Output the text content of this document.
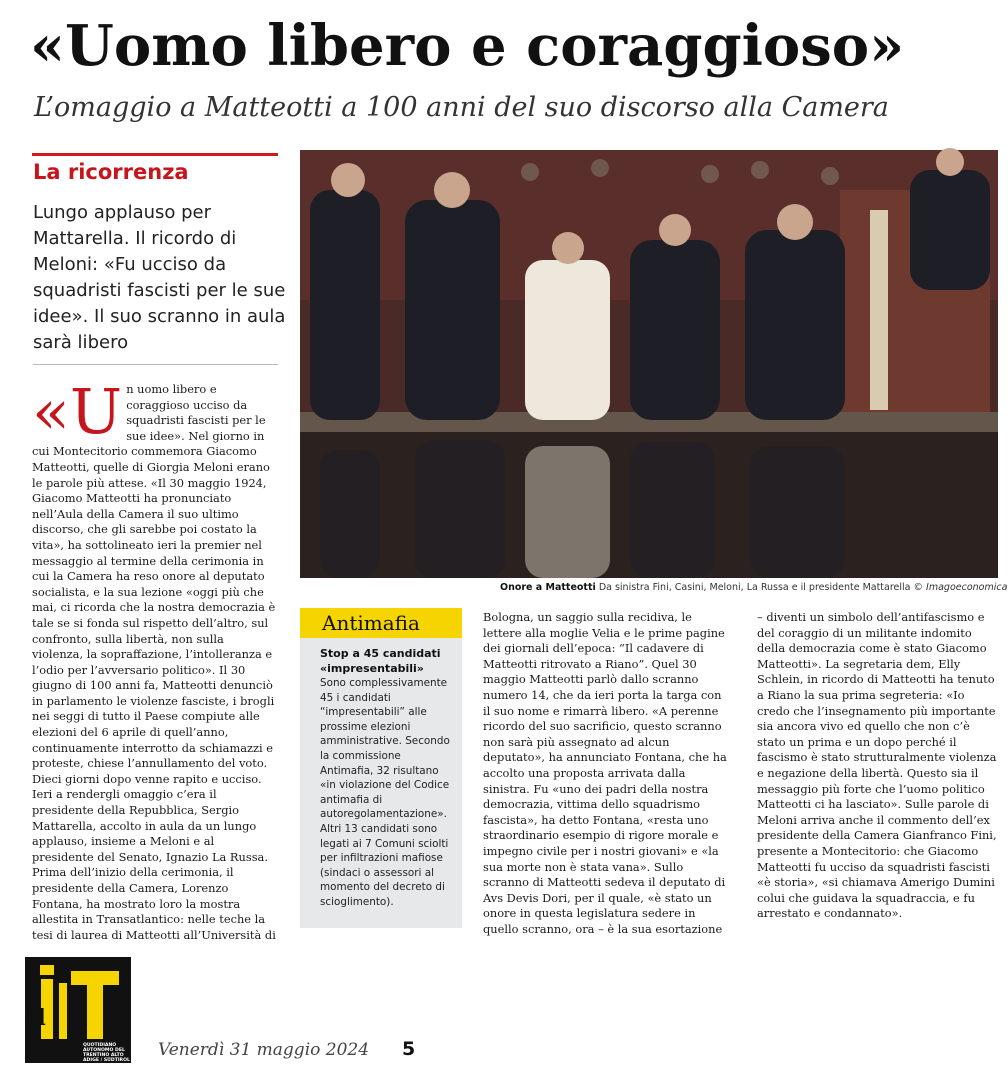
«Uomo libero e coraggioso»
L’omaggio a Matteotti a 100 anni del suo discorso alla Camera
La ricorrenza
Lungo applauso per Mattarella. Il ricordo di Meloni: «Fu ucciso da squadristi fascisti per le sue idee». Il suo scranno in aula sarà libero
«U n uomo libero e coraggioso ucciso da squadristi fascisti per le sue idee». Nel giorno in cui Montecitorio commemora Giacomo Matteotti, quelle di Giorgia Meloni erano le parole più attese. «Il 30 maggio 1924, Giacomo Matteotti ha pronunciato nell’Aula della Camera il suo ultimo discorso, che gli sarebbe poi costato la vita», ha sottolineato ieri la premier nel messaggio al termine della cerimonia in cui la Camera ha reso onore al deputato socialista, e la sua lezione «oggi più che mai, ci ricorda che la nostra democrazia è tale se si fonda sul rispetto dell’altro, sul confronto, sulla libertà, non sulla violenza, la sopraffazione, l’intolleranza e l’odio per l’avversario politico». Il 30 giugno di 100 anni fa, Matteotti denunciò in parlamento le violenze fasciste, i brogli nei seggi di tutto il Paese compiute alle elezioni del 6 aprile di quell’anno, continuamente interrotto da schiamazzi e proteste, chiese l’annullamento del voto. Dieci giorni dopo venne rapito e ucciso. Ieri a rendergli omaggio c’era il presidente della Repubblica, Sergio Mattarella, accolto in aula da un lungo applauso, insieme a Meloni e al presidente del Senato, Ignazio La Russa. Prima dell’inizio della cerimonia, il presidente della Camera, Lorenzo Fontana, ha mostrato loro la mostra allestita in Transatlantico: nelle teche la tesi di laurea di Matteotti all’Università di
Onore a Matteotti Da sinistra Fini, Casini, Meloni, La Russa e il presidente Mattarella © Imagoeconomica
Antimafia
Stop a 45 candidati «impresentabili»
Sono complessivamente 45 i candidati “impresentabili” alle prossime elezioni amministrative. Secondo la commissione Antimafia, 32 risultano «in violazione del Codice antimafia di autoregolamentazione». Altri 13 candidati sono legati ai 7 Comuni sciolti per infiltrazioni mafiose (sindaci o assessori al momento del decreto di scioglimento).
Bologna, un saggio sulla recidiva, le lettere alla moglie Velia e le prime pagine dei giornali dell’epoca: “Il cadavere di Matteotti ritrovato a Riano”. Quel 30 maggio Matteotti parlò dallo scranno numero 14, che da ieri porta la targa con il suo nome e rimarrà libero. «A perenne ricordo del suo sacrificio, questo scranno non sarà più assegnato ad alcun deputato», ha annunciato Fontana, che ha accolto una proposta arrivata dalla sinistra. Fu «uno dei padri della nostra democrazia, vittima dello squadrismo fascista», ha detto Fontana, «resta uno straordinario esempio di rigore morale e impegno civile per i nostri giovani» e «la sua morte non è stata vana». Sullo scranno di Matteotti sedeva il deputato di Avs Devis Dori, per il quale, «è stato un onore in questa legislatura sedere in quello scranno, ora – è la sua esortazione
– diventi un simbolo dell’antifascismo e del coraggio di un militante indomito della democrazia come è stato Giacomo Matteotti». La segretaria dem, Elly Schlein, in ricordo di Matteotti ha tenuto a Riano la sua prima segreteria: «Io credo che l’insegnamento più importante sia ancora vivo ed quello che non c’è stato un prima e un dopo perché il fascismo è stato strutturalmente violenza e negazione della libertà. Questo sia il messaggio più forte che l’uomo politico Matteotti ci ha lasciato». Sulle parole di Meloni arriva anche il commento dell’ex presidente della Camera Gianfranco Fini, presente a Montecitorio: che Giacomo Matteotti fu ucciso da squadristi fascisti «è storia», «si chiamava Amerigo Dumini colui che guidava la squadraccia, e fu arrestato e condannato».
il
QUOTIDIANO AUTONOMO DEL TRENTINO ALTO ADIGE / SÜDTIROL
Venerdì 31 maggio 2024 5
